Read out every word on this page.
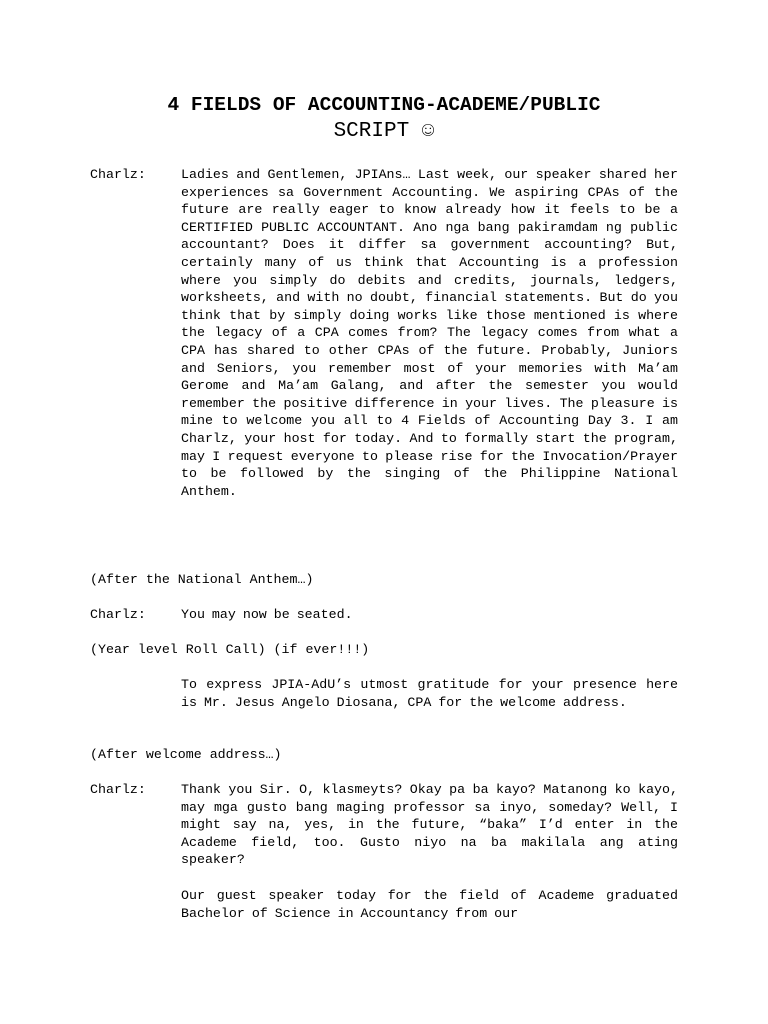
4 FIELDS OF ACCOUNTING-ACADEME/PUBLIC
SCRIPT ☺
Charlz:	Ladies and Gentlemen, JPIAns… Last week, our speaker shared her experiences sa Government Accounting. We aspiring CPAs of the future are really eager to know already how it feels to be a CERTIFIED PUBLIC ACCOUNTANT. Ano nga bang pakiramdam ng public accountant? Does it differ sa government accounting? But, certainly many of us think that Accounting is a profession where you simply do debits and credits, journals, ledgers, worksheets, and with no doubt, financial statements. But do you think that by simply doing works like those mentioned is where the legacy of a CPA comes from? The legacy comes from what a CPA has shared to other CPAs of the future. Probably, Juniors and Seniors, you remember most of your memories with Ma’am Gerome and Ma’am Galang, and after the semester you would remember the positive difference in your lives. The pleasure is mine to welcome you all to 4 Fields of Accounting Day 3. I am Charlz, your host for today. And to formally start the program, may I request everyone to please rise for the Invocation/Prayer to be followed by the singing of the Philippine National Anthem.
(After the National Anthem…)
Charlz:	You may now be seated.
(Year level Roll Call) (if ever!!!)
To express JPIA-AdU’s utmost gratitude for your presence here is Mr. Jesus Angelo Diosana, CPA for the welcome address.
(After welcome address…)
Charlz:	Thank you Sir. O, klasmeyts? Okay pa ba kayo? Matanong ko kayo, may mga gusto bang maging professor sa inyo, someday? Well, I might say na, yes, in the future, “baka” I’d enter in the Academe field, too. Gusto niyo na ba makilala ang ating speaker?
Our guest speaker today for the field of Academe graduated Bachelor of Science in Accountancy from our
